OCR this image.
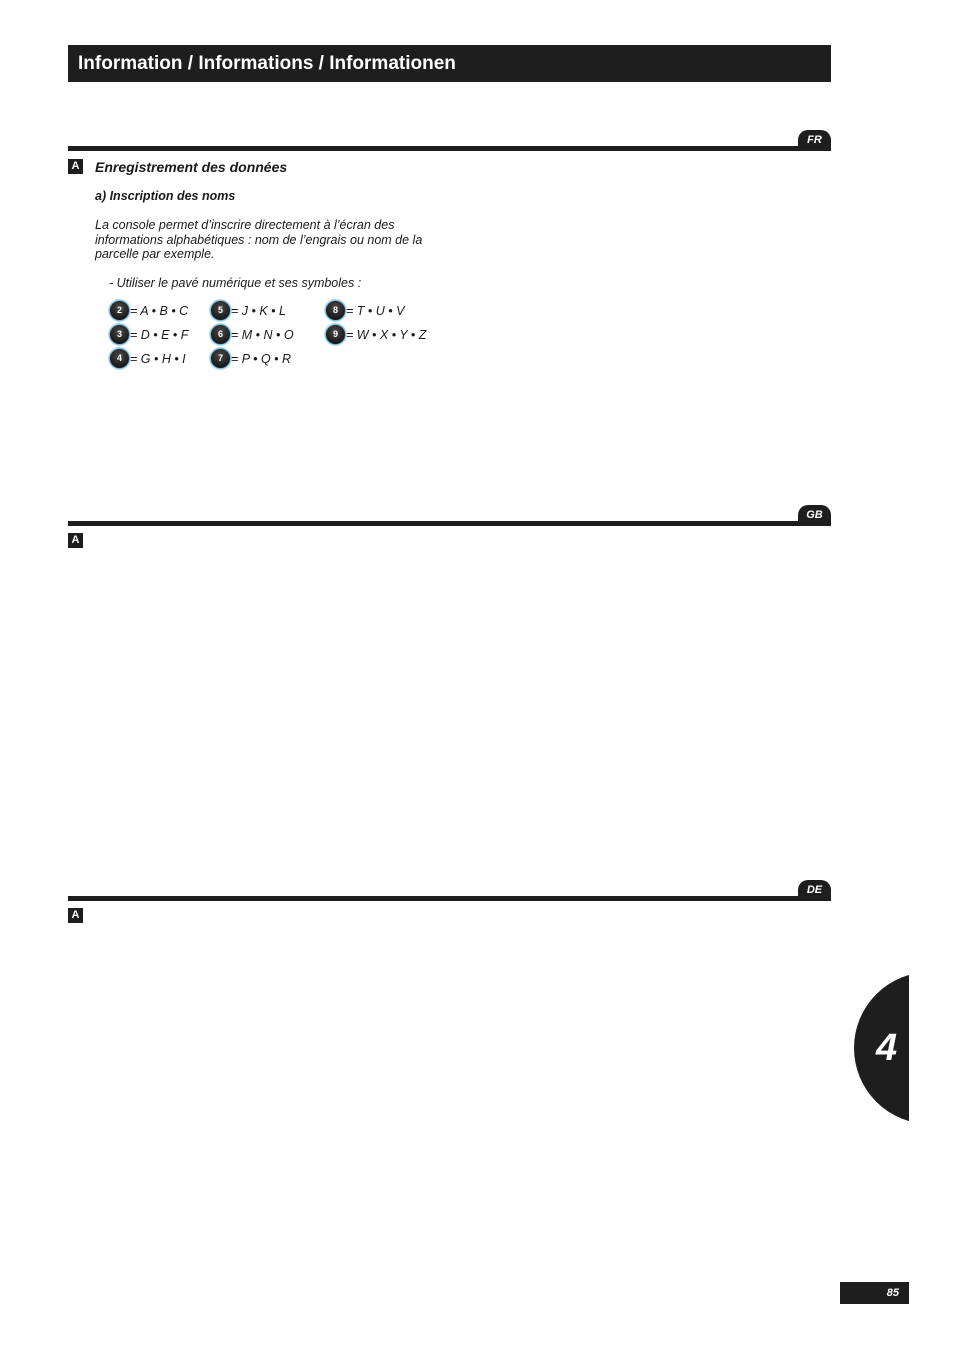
Information / Informations / Informationen
FR
A Enregistrement des données
a) Inscription des noms
La console permet d’inscrire directement à l’écran des informations alphabétiques : nom de l’engrais ou nom de la parcelle par exemple.
- Utiliser le pavé numérique et ses symboles :
2 = A • B • C
3 = D • E • F
4 = G • H • I
5 = J • K • L
6 = M • N • O
7 = P • Q • R
8 = T • U • V
9 = W • X • Y • Z
GB
A
DE
A
4
85
